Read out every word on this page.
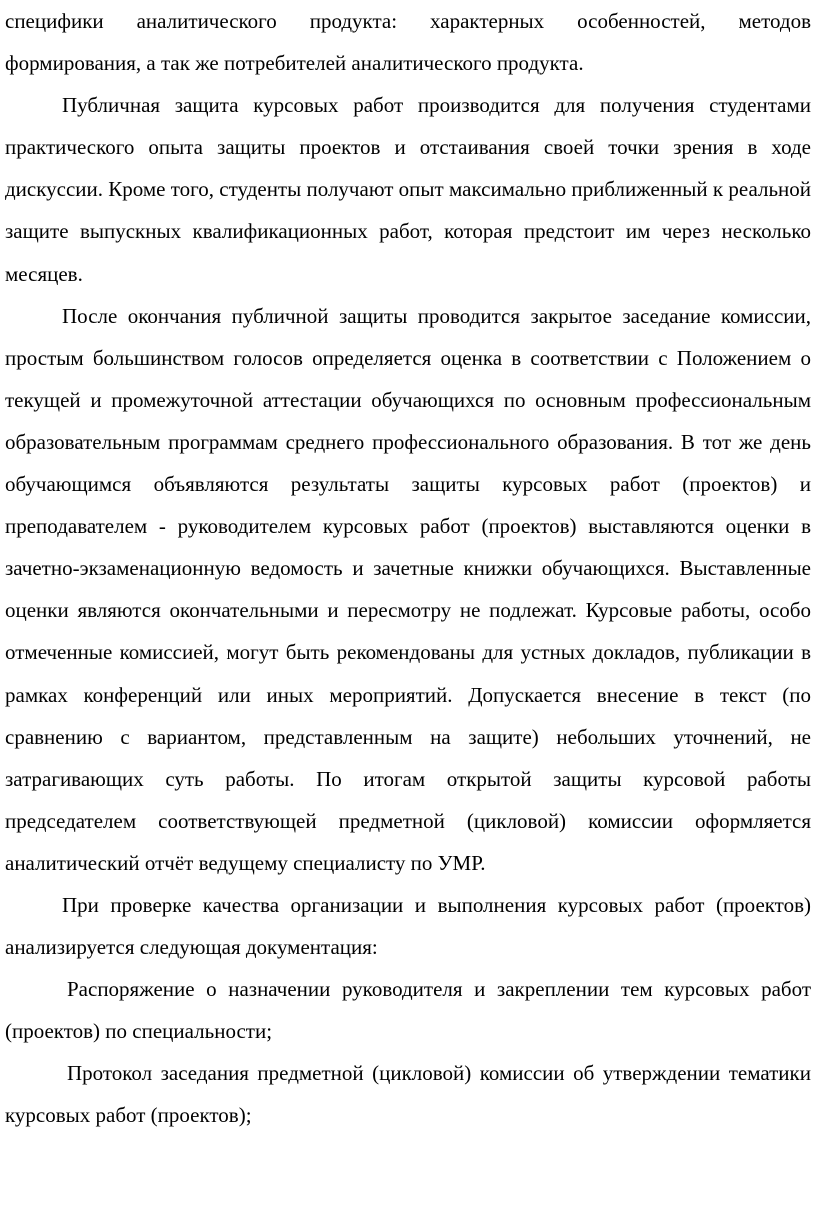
специфики аналитического продукта: характерных особенностей, методов формирования, а так же потребителей аналитического продукта.

Публичная защита курсовых работ производится для получения студентами практического опыта защиты проектов и отстаивания своей точки зрения в ходе дискуссии. Кроме того, студенты получают опыт максимально приближенный к реальной защите выпускных квалификационных работ, которая предстоит им через несколько месяцев.

После окончания публичной защиты проводится закрытое заседание комиссии, простым большинством голосов определяется оценка в соответствии с Положением о текущей и промежуточной аттестации обучающихся по основным профессиональным образовательным программам среднего профессионального образования. В тот же день обучающимся объявляются результаты защиты курсовых работ (проектов) и преподавателем - руководителем курсовых работ (проектов) выставляются оценки в зачетно-экзаменационную ведомость и зачетные книжки обучающихся. Выставленные оценки являются окончательными и пересмотру не подлежат. Курсовые работы, особо отмеченные комиссией, могут быть рекомендованы для устных докладов, публикации в рамках конференций или иных мероприятий. Допускается внесение в текст (по сравнению с вариантом, представленным на защите) небольших уточнений, не затрагивающих суть работы. По итогам открытой защиты курсовой работы председателем соответствующей предметной (цикловой) комиссии оформляется аналитический отчёт ведущему специалисту по УМР.

При проверке качества организации и выполнения курсовых работ (проектов) анализируется следующая документация:

Распоряжение о назначении руководителя и закреплении тем курсовых работ (проектов) по специальности;

Протокол заседания предметной (цикловой) комиссии об утверждении тематики курсовых работ (проектов);
